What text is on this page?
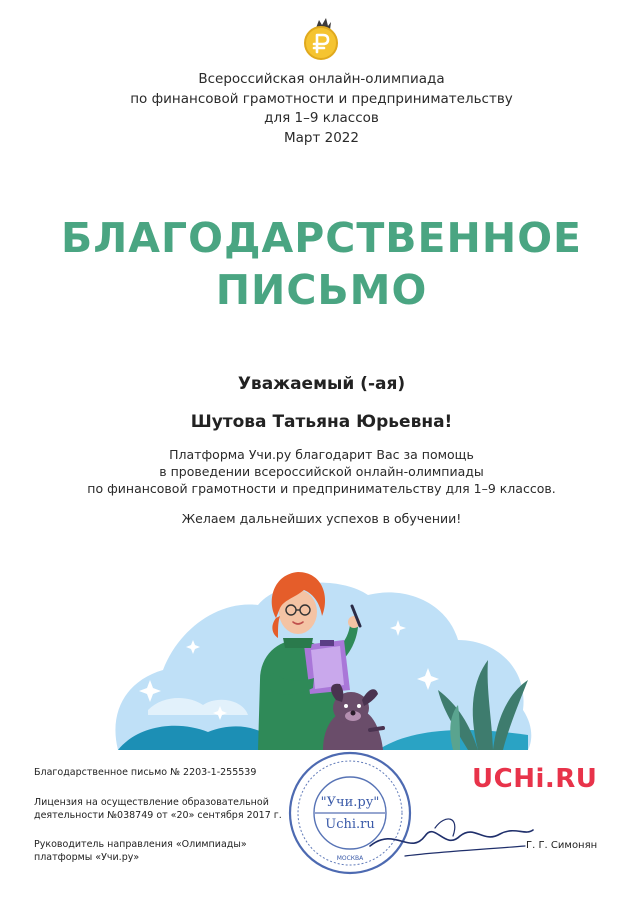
Всероссийская онлайн-олимпиада
по финансовой грамотности и предпринимательству
для 1–9 классов
Март 2022
БЛАГОДАРСТВЕННОЕ
ПИСЬМО
Уважаемый (-ая)
Шутова Татьяна Юрьевна!
Платформа Учи.ру благодарит Вас за помощь
в проведении всероссийской онлайн-олимпиады
по финансовой грамотности и предпринимательству для 1–9 классов.
Желаем дальнейших успехов в обучении!
Благодарственное письмо № 2203-1-255539
Лицензия на осуществление образовательной
деятельности №038749 от «20» сентября 2017 г.
Руководитель направления «Олимпиады»
платформы «Учи.ру»
"Учи.ру"
Uchi.ru
МОСКВА
UCHi.RU
Г. Г. Симонян
